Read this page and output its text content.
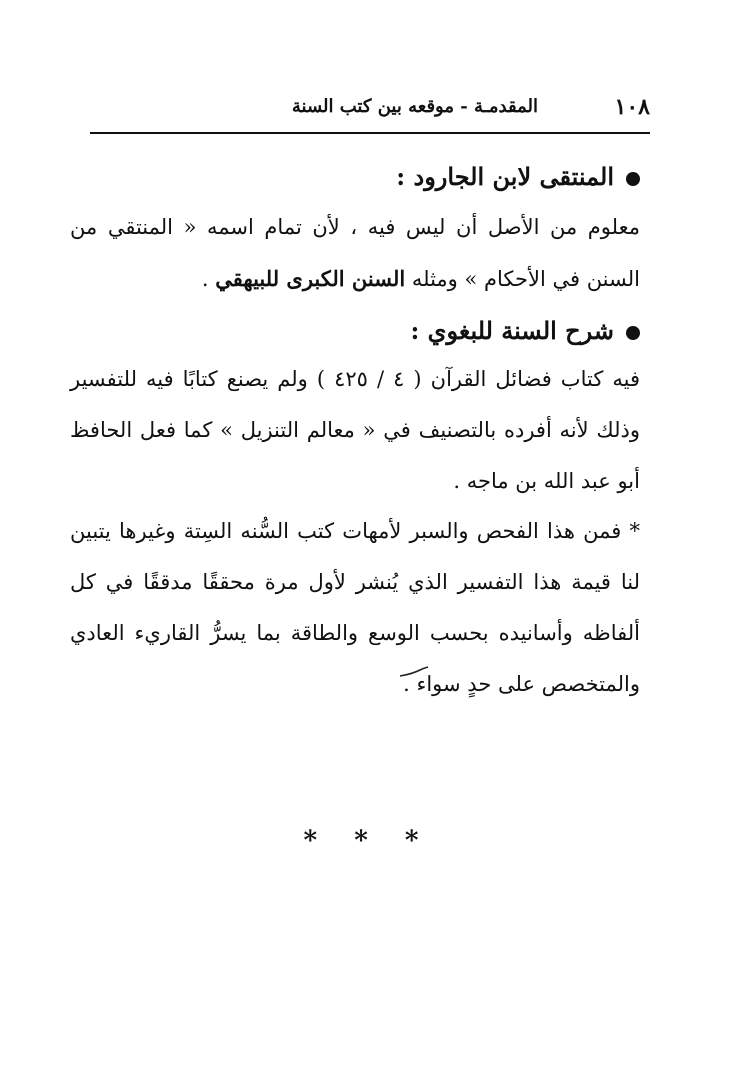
١٠٨
المقدمـة - موقعه بين كتب السنة
المنتقى لابن الجارود :
معلوم من الأصل أن ليس فيه ، لأن تمام اسمه « المنتقي من السنن في الأحكام » ومثله السنن الكبرى للبيهقي .
شرح السنة للبغوي :
فيه كتاب فضائل القرآن ( ٤ / ٤٢٥ ) ولم يصنع كتابًا فيه للتفسير وذلك لأنه أفرده بالتصنيف في « معالم التنزيل » كما فعل الحافظ أبو عبد الله بن ماجه .
* فمن هذا الفحص والسبر لأمهات كتب السُّنه السِتة وغيرها يتبين لنا قيمة هذا التفسير الذي يُنشر لأول مرة محققًا مدققًا في كل ألفاظه وأسانيده بحسب الوسع والطاقة بما يسرُّ القاريء العادي والمتخصص على حدٍ سواء .
* * *
